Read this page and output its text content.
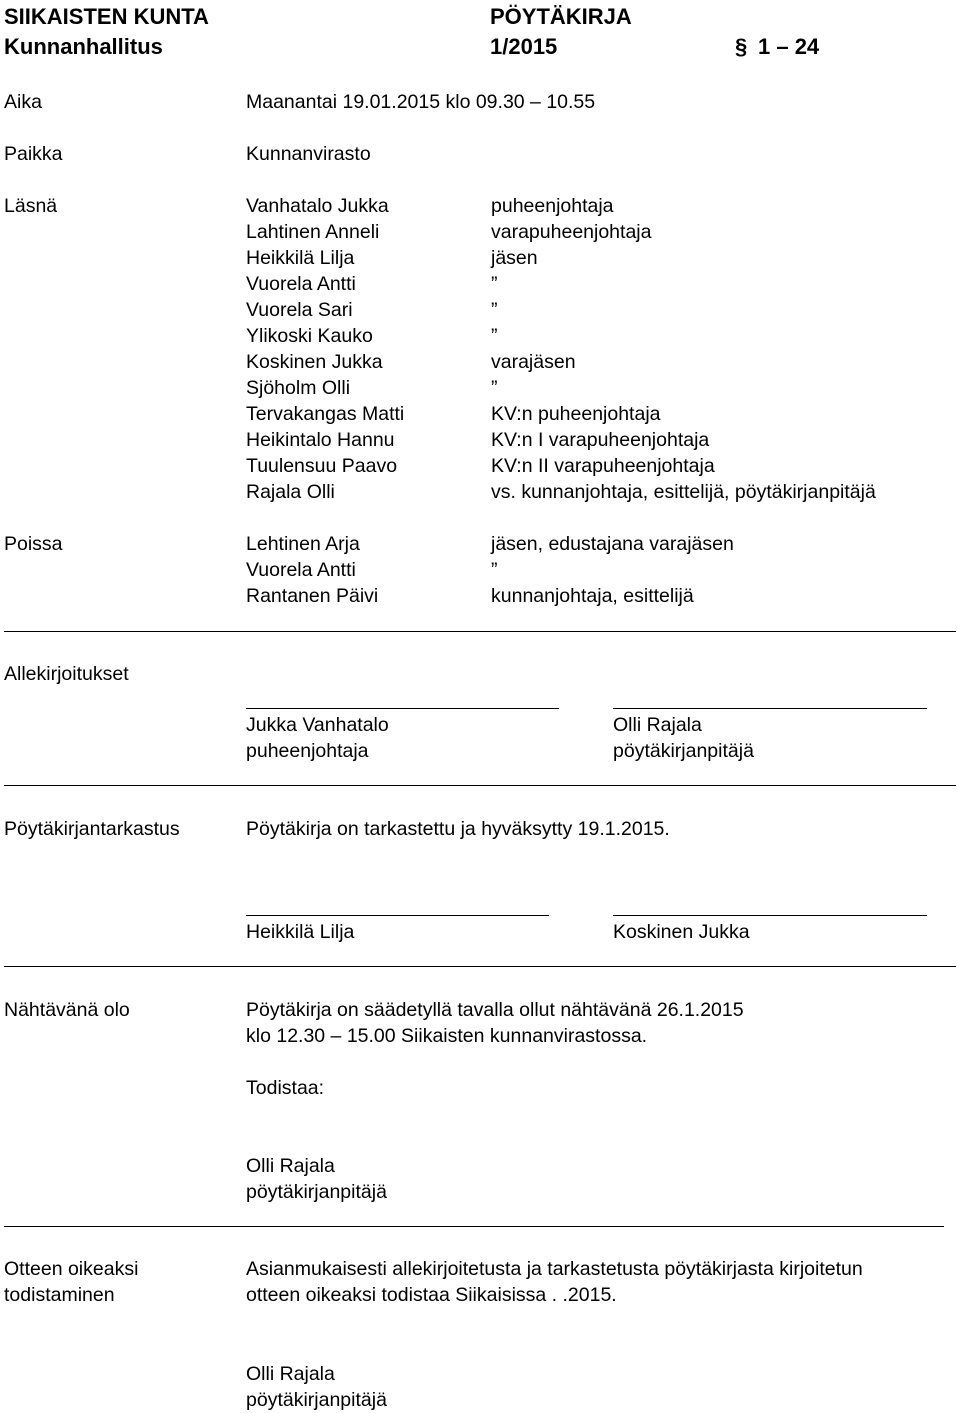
SIIKAISTEN KUNTA	PÖYTÄKIRJA
Kunnanhallitus	1/2015	§ 1 – 24
Aika	Maanantai 19.01.2015 klo 09.30 – 10.55
Paikka	Kunnanvirasto
Läsnä	Vanhatalo Jukka	puheenjohtaja
Lahtinen Anneli	varapuheenjohtaja
Heikkilä Lilja	jäsen
Vuorela Antti	”
Vuorela Sari	”
Ylikoski Kauko	”
Koskinen Jukka	varajäsen
Sjöholm Olli	”
Tervakangas Matti	KV:n puheenjohtaja
Heikintalo Hannu	KV:n I varapuheenjohtaja
Tuulensuu Paavo	KV:n II varapuheenjohtaja
Rajala Olli	vs. kunnanjohtaja, esittelijä, pöytäkirjanpitäjä
Poissa	Lehtinen Arja	jäsen, edustajana varajäsen
Vuorela Antti	”
Rantanen Päivi	kunnanjohtaja, esittelijä
Allekirjoitukset
Jukka Vanhatalo	Olli Rajala
puheenjohtaja	pöytäkirjanpitäjä
Pöytäkirjantarkastus	Pöytäkirja on tarkastettu ja hyväksytty 19.1.2015.
Heikkilä Lilja	Koskinen Jukka
Nähtävänä olo	Pöytäkirja on säädetyllä tavalla ollut nähtävänä 26.1.2015
klo 12.30 – 15.00 Siikaisten kunnanvirastossa.
Todistaa:
Olli Rajala
pöytäkirjanpitäjä
Otteen oikeaksi
todistaminen
Asianmukaisesti allekirjoitetusta ja tarkastetusta pöytäkirjasta kirjoitetun
otteen oikeaksi todistaa Siikaisissa . .2015.
Olli Rajala
pöytäkirjanpitäjä
